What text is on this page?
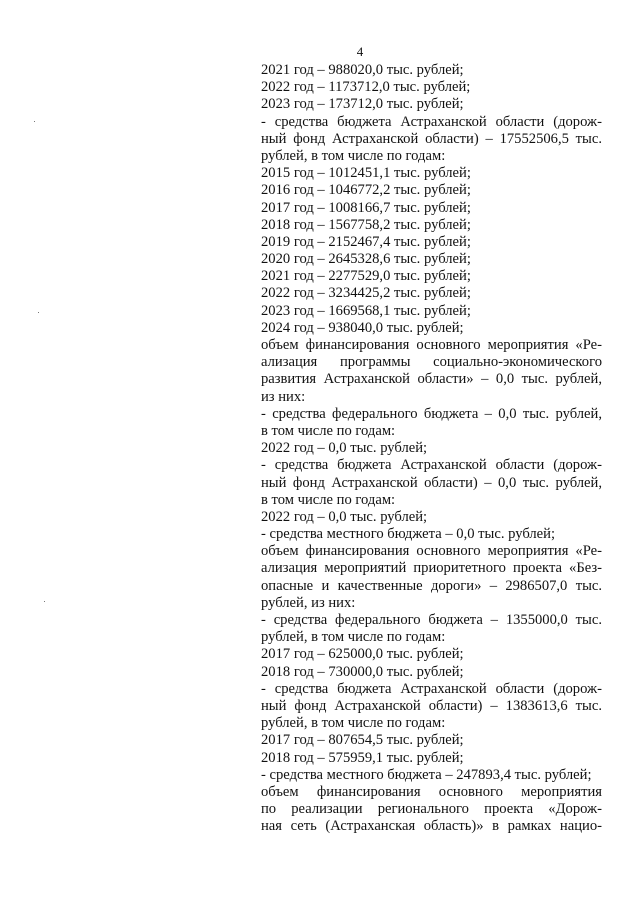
4
2021 год – 988020,0 тыс. рублей;
2022 год – 1173712,0 тыс. рублей;
2023 год – 173712,0 тыс. рублей;
- средства бюджета Астраханской области (дорож-
ный фонд Астраханской области) – 17552506,5 тыс.
рублей, в том числе по годам:
2015 год – 1012451,1 тыс. рублей;
2016 год – 1046772,2 тыс. рублей;
2017 год – 1008166,7 тыс. рублей;
2018 год – 1567758,2 тыс. рублей;
2019 год – 2152467,4 тыс. рублей;
2020 год – 2645328,6 тыс. рублей;
2021 год – 2277529,0 тыс. рублей;
2022 год – 3234425,2 тыс. рублей;
2023 год – 1669568,1 тыс. рублей;
2024 год – 938040,0 тыс. рублей;
объем финансирования основного мероприятия «Ре-
ализация программы социально-экономического
развития Астраханской области» – 0,0 тыс. рублей,
из них:
- средства федерального бюджета – 0,0 тыс. рублей,
в том числе по годам:
2022 год – 0,0 тыс. рублей;
- средства бюджета Астраханской области (дорож-
ный фонд Астраханской области) – 0,0 тыс. рублей,
в том числе по годам:
2022 год – 0,0 тыс. рублей;
- средства местного бюджета – 0,0 тыс. рублей;
объем финансирования основного мероприятия «Ре-
ализация мероприятий приоритетного проекта «Без-
опасные и качественные дороги» – 2986507,0 тыс.
рублей, из них:
- средства федерального бюджета – 1355000,0 тыс.
рублей, в том числе по годам:
2017 год – 625000,0 тыс. рублей;
2018 год – 730000,0 тыс. рублей;
- средства бюджета Астраханской области (дорож-
ный фонд Астраханской области) – 1383613,6 тыс.
рублей, в том числе по годам:
2017 год – 807654,5 тыс. рублей;
2018 год – 575959,1 тыс. рублей;
- средства местного бюджета – 247893,4 тыс. рублей;
объем финансирования основного мероприятия
по реализации регионального проекта «Дорож-
ная сеть (Астраханская область)» в рамках нацио-
